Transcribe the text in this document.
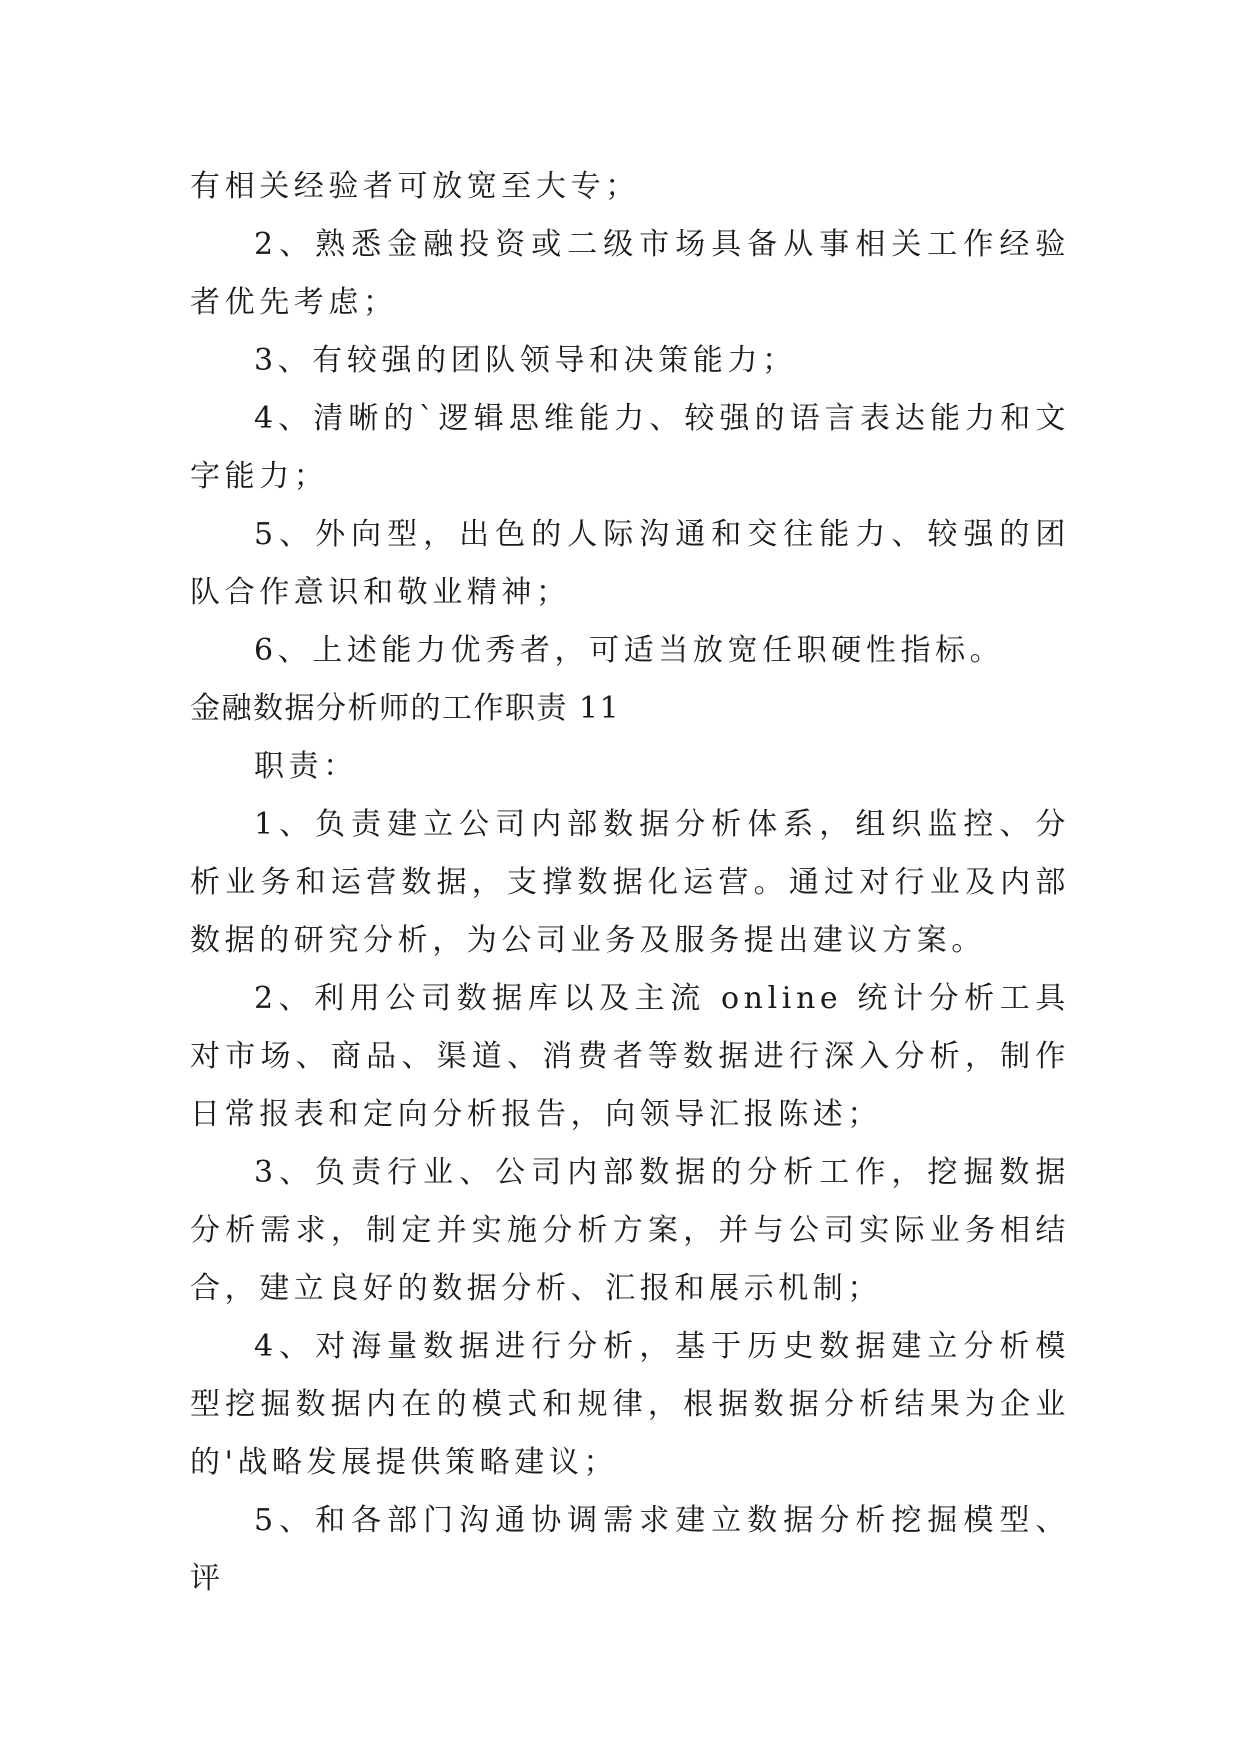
有相关经验者可放宽至大专；

2、熟悉金融投资或二级市场具备从事相关工作经验者优先考虑；

3、有较强的团队领导和决策能力；

4、清晰的`逻辑思维能力、较强的语言表达能力和文字能力；

5、外向型，出色的人际沟通和交往能力、较强的团队合作意识和敬业精神；

6、上述能力优秀者，可适当放宽任职硬性指标。

金融数据分析师的工作职责 11

职责：

1、负责建立公司内部数据分析体系，组织监控、分析业务和运营数据，支撑数据化运营。通过对行业及内部数据的研究分析，为公司业务及服务提出建议方案。

2、利用公司数据库以及主流 online 统计分析工具对市场、商品、渠道、消费者等数据进行深入分析，制作日常报表和定向分析报告，向领导汇报陈述；

3、负责行业、公司内部数据的分析工作，挖掘数据分析需求，制定并实施分析方案，并与公司实际业务相结合，建立良好的数据分析、汇报和展示机制；

4、对海量数据进行分析，基于历史数据建立分析模型挖掘数据内在的模式和规律，根据数据分析结果为企业的'战略发展提供策略建议；

5、和各部门沟通协调需求建立数据分析挖掘模型、评
